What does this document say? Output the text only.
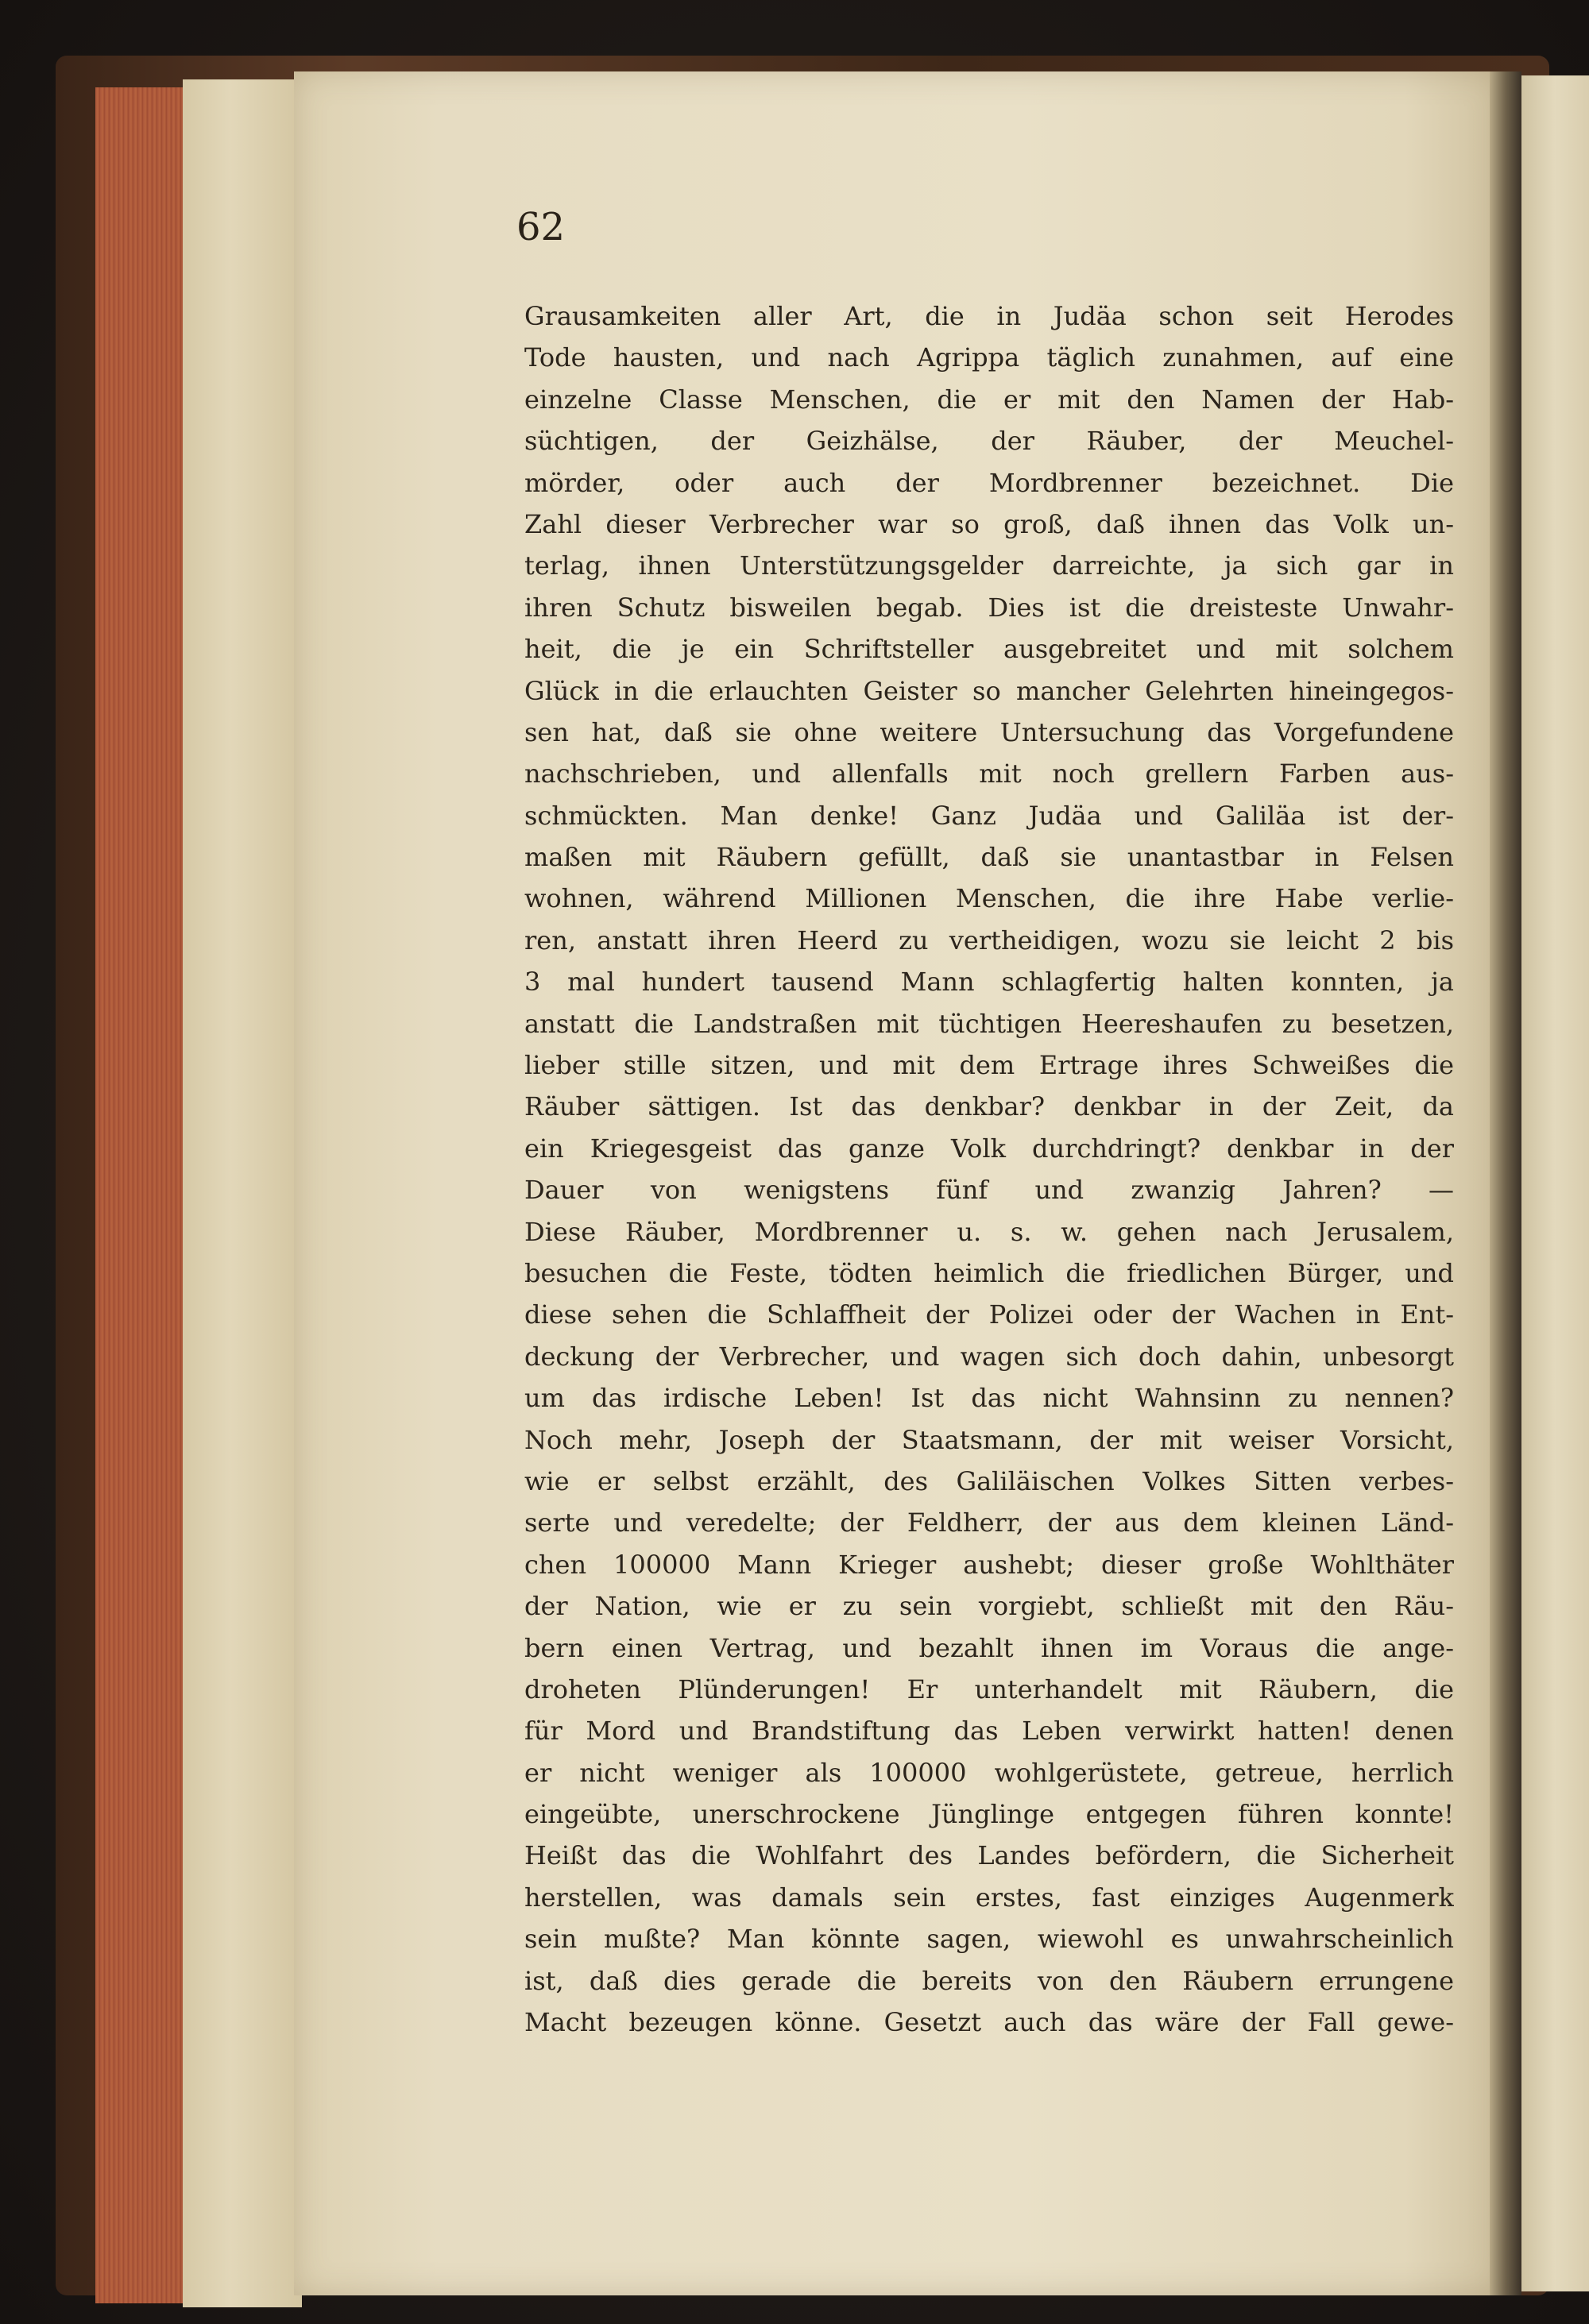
62
Grausamkeiten aller Art, die in Judäa schon seit Herodes
Tode hausten, und nach Agrippa täglich zunahmen, auf eine
einzelne Classe Menschen, die er mit den Namen der Hab-
süchtigen, der Geizhälse, der Räuber, der Meuchel-
mörder, oder auch der Mordbrenner bezeichnet. Die
Zahl dieser Verbrecher war so groß, daß ihnen das Volk un-
terlag, ihnen Unterstützungsgelder darreichte, ja sich gar in
ihren Schutz bisweilen begab. Dies ist die dreisteste Unwahr-
heit, die je ein Schriftsteller ausgebreitet und mit solchem
Glück in die erlauchten Geister so mancher Gelehrten hineingegos-
sen hat, daß sie ohne weitere Untersuchung das Vorgefundene
nachschrieben, und allenfalls mit noch grellern Farben aus-
schmückten. Man denke! Ganz Judäa und Galiläa ist der-
maßen mit Räubern gefüllt, daß sie unantastbar in Felsen
wohnen, während Millionen Menschen, die ihre Habe verlie-
ren, anstatt ihren Heerd zu vertheidigen, wozu sie leicht 2 bis
3 mal hundert tausend Mann schlagfertig halten konnten, ja
anstatt die Landstraßen mit tüchtigen Heereshaufen zu besetzen,
lieber stille sitzen, und mit dem Ertrage ihres Schweißes die
Räuber sättigen. Ist das denkbar? denkbar in der Zeit, da
ein Kriegesgeist das ganze Volk durchdringt? denkbar in der
Dauer von wenigstens fünf und zwanzig Jahren? —
Diese Räuber, Mordbrenner u. s. w. gehen nach Jerusalem,
besuchen die Feste, tödten heimlich die friedlichen Bürger, und
diese sehen die Schlaffheit der Polizei oder der Wachen in Ent-
deckung der Verbrecher, und wagen sich doch dahin, unbesorgt
um das irdische Leben! Ist das nicht Wahnsinn zu nennen?
Noch mehr, Joseph der Staatsmann, der mit weiser Vorsicht,
wie er selbst erzählt, des Galiläischen Volkes Sitten verbes-
serte und veredelte; der Feldherr, der aus dem kleinen Länd-
chen 100000 Mann Krieger aushebt; dieser große Wohlthäter
der Nation, wie er zu sein vorgiebt, schließt mit den Räu-
bern einen Vertrag, und bezahlt ihnen im Voraus die ange-
droheten Plünderungen! Er unterhandelt mit Räubern, die
für Mord und Brandstiftung das Leben verwirkt hatten! denen
er nicht weniger als 100000 wohlgerüstete, getreue, herrlich
eingeübte, unerschrockene Jünglinge entgegen führen konnte!
Heißt das die Wohlfahrt des Landes befördern, die Sicherheit
herstellen, was damals sein erstes, fast einziges Augenmerk
sein mußte? Man könnte sagen, wiewohl es unwahrscheinlich
ist, daß dies gerade die bereits von den Räubern errungene
Macht bezeugen könne. Gesetzt auch das wäre der Fall gewe-
